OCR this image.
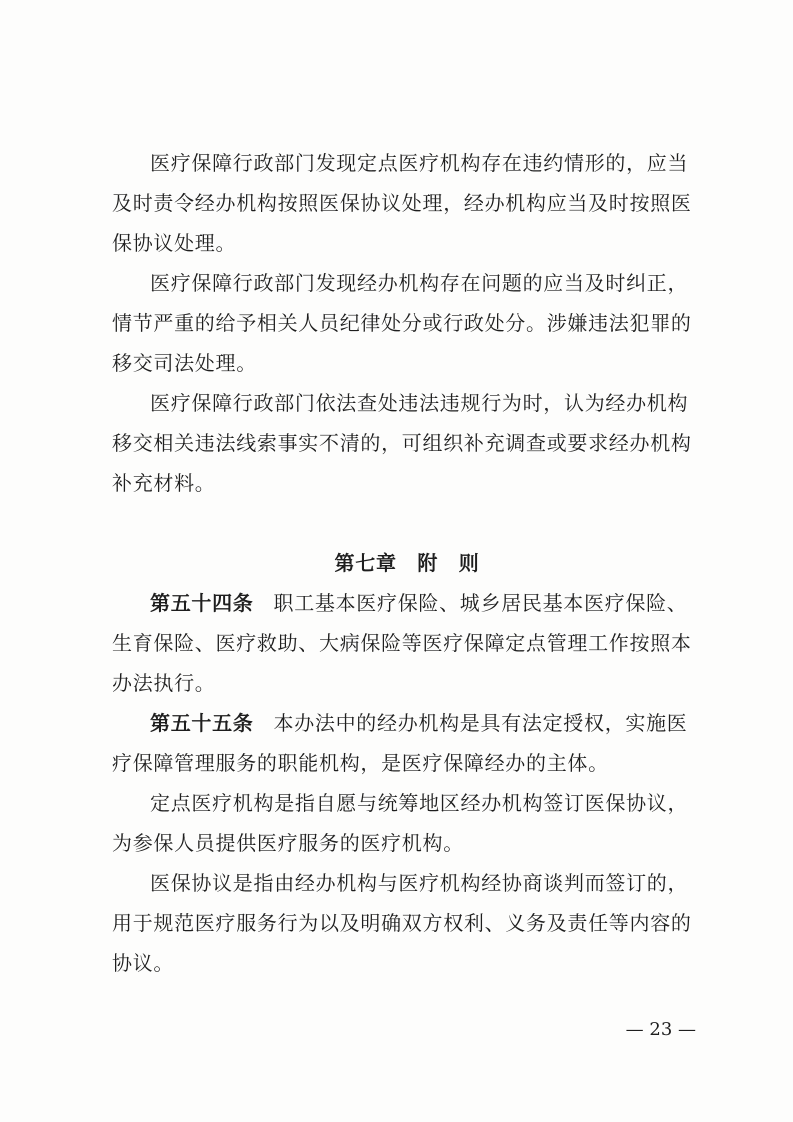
医疗保障行政部门发现定点医疗机构存在违约情形的，应当
及时责令经办机构按照医保协议处理，经办机构应当及时按照医
保协议处理。
医疗保障行政部门发现经办机构存在问题的应当及时纠正，
情节严重的给予相关人员纪律处分或行政处分。涉嫌违法犯罪的
移交司法处理。
医疗保障行政部门依法查处违法违规行为时，认为经办机构
移交相关违法线索事实不清的，可组织补充调查或要求经办机构
补充材料。
第七章　附　则
第五十四条 职工基本医疗保险、城乡居民基本医疗保险、
生育保险、医疗救助、大病保险等医疗保障定点管理工作按照本
办法执行。
第五十五条 本办法中的经办机构是具有法定授权，实施医
疗保障管理服务的职能机构，是医疗保障经办的主体。
定点医疗机构是指自愿与统筹地区经办机构签订医保协议，
为参保人员提供医疗服务的医疗机构。
医保协议是指由经办机构与医疗机构经协商谈判而签订的，
用于规范医疗服务行为以及明确双方权利、义务及责任等内容的
协议。
— 23 —
